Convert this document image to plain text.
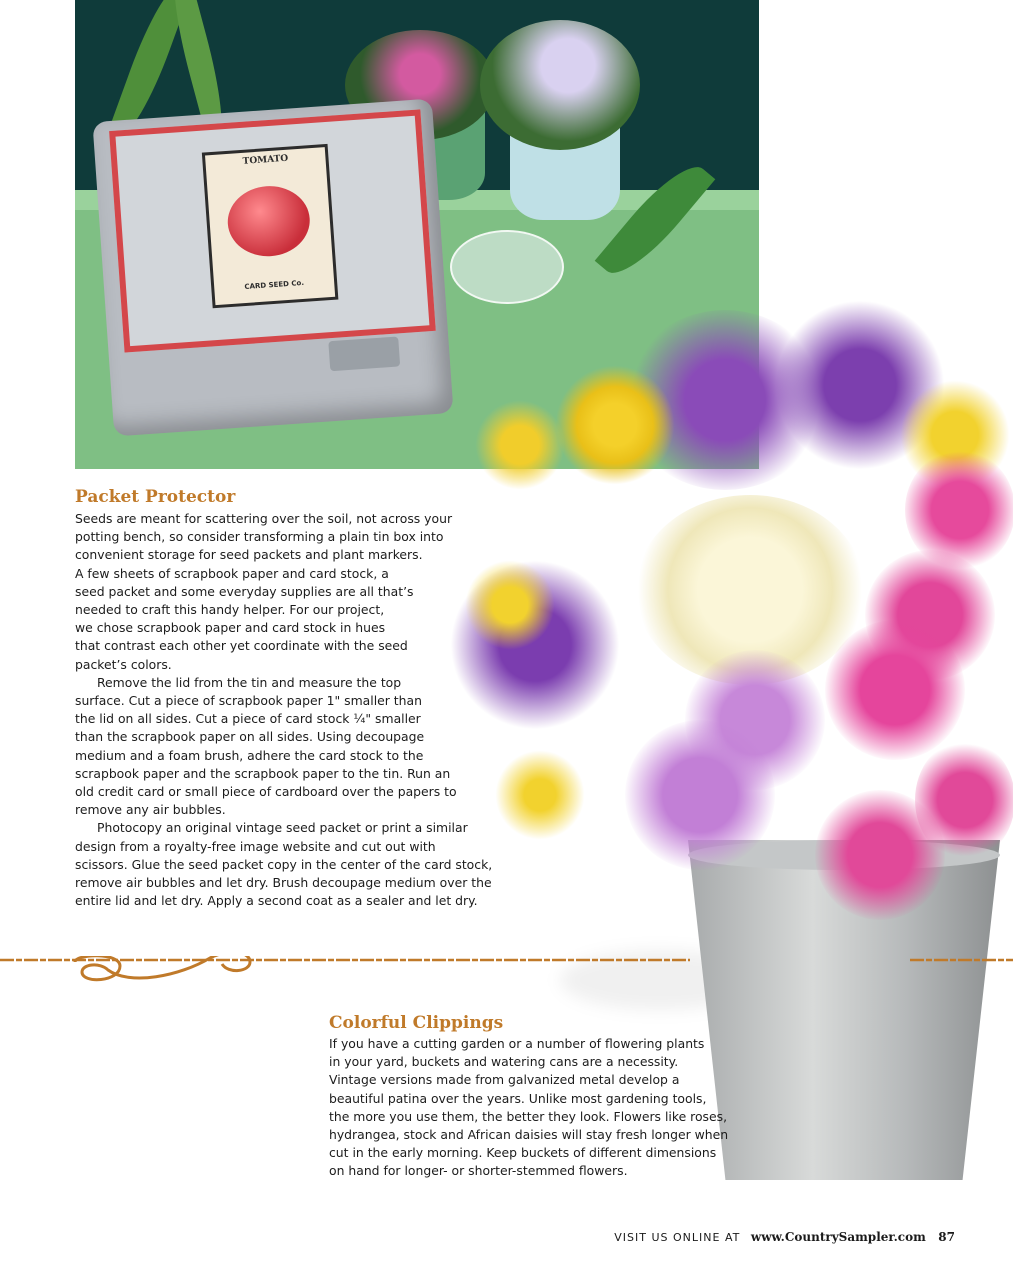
TOMATO
CARD SEED Co.
Packet Protector

Seeds are meant for scattering over the soil, not across your
potting bench, so consider transforming a plain tin box into
convenient storage for seed packets and plant markers.
A few sheets of scrapbook paper and card stock, a
seed packet and some everyday supplies are all that’s
needed to craft this handy helper. For our project,
we chose scrapbook paper and card stock in hues
that contrast each other yet coordinate with the seed
packet’s colors.

Remove the lid from the tin and measure the top
surface. Cut a piece of scrapbook paper 1" smaller than
the lid on all sides. Cut a piece of card stock ¼" smaller
than the scrapbook paper on all sides. Using decoupage
medium and a foam brush, adhere the card stock to the
scrapbook paper and the scrapbook paper to the tin. Run an
old credit card or small piece of cardboard over the papers to
remove any air bubbles.

Photocopy an original vintage seed packet or print a similar
design from a royalty-free image website and cut out with
scissors. Glue the seed packet copy in the center of the card stock,
remove air bubbles and let dry. Brush decoupage medium over the
entire lid and let dry. Apply a second coat as a sealer and let dry.

Colorful Clippings
If you have a cutting garden or a number of flowering plants
in your yard, buckets and watering cans are a necessity.
Vintage versions made from galvanized metal develop a
beautiful patina over the years. Unlike most gardening tools,
the more you use them, the better they look. Flowers like roses,
hydrangea, stock and African daisies will stay fresh longer when
cut in the early morning. Keep buckets of different dimensions
on hand for longer- or shorter-stemmed flowers.
VISIT US ONLINE AT www.CountrySampler.com 87
